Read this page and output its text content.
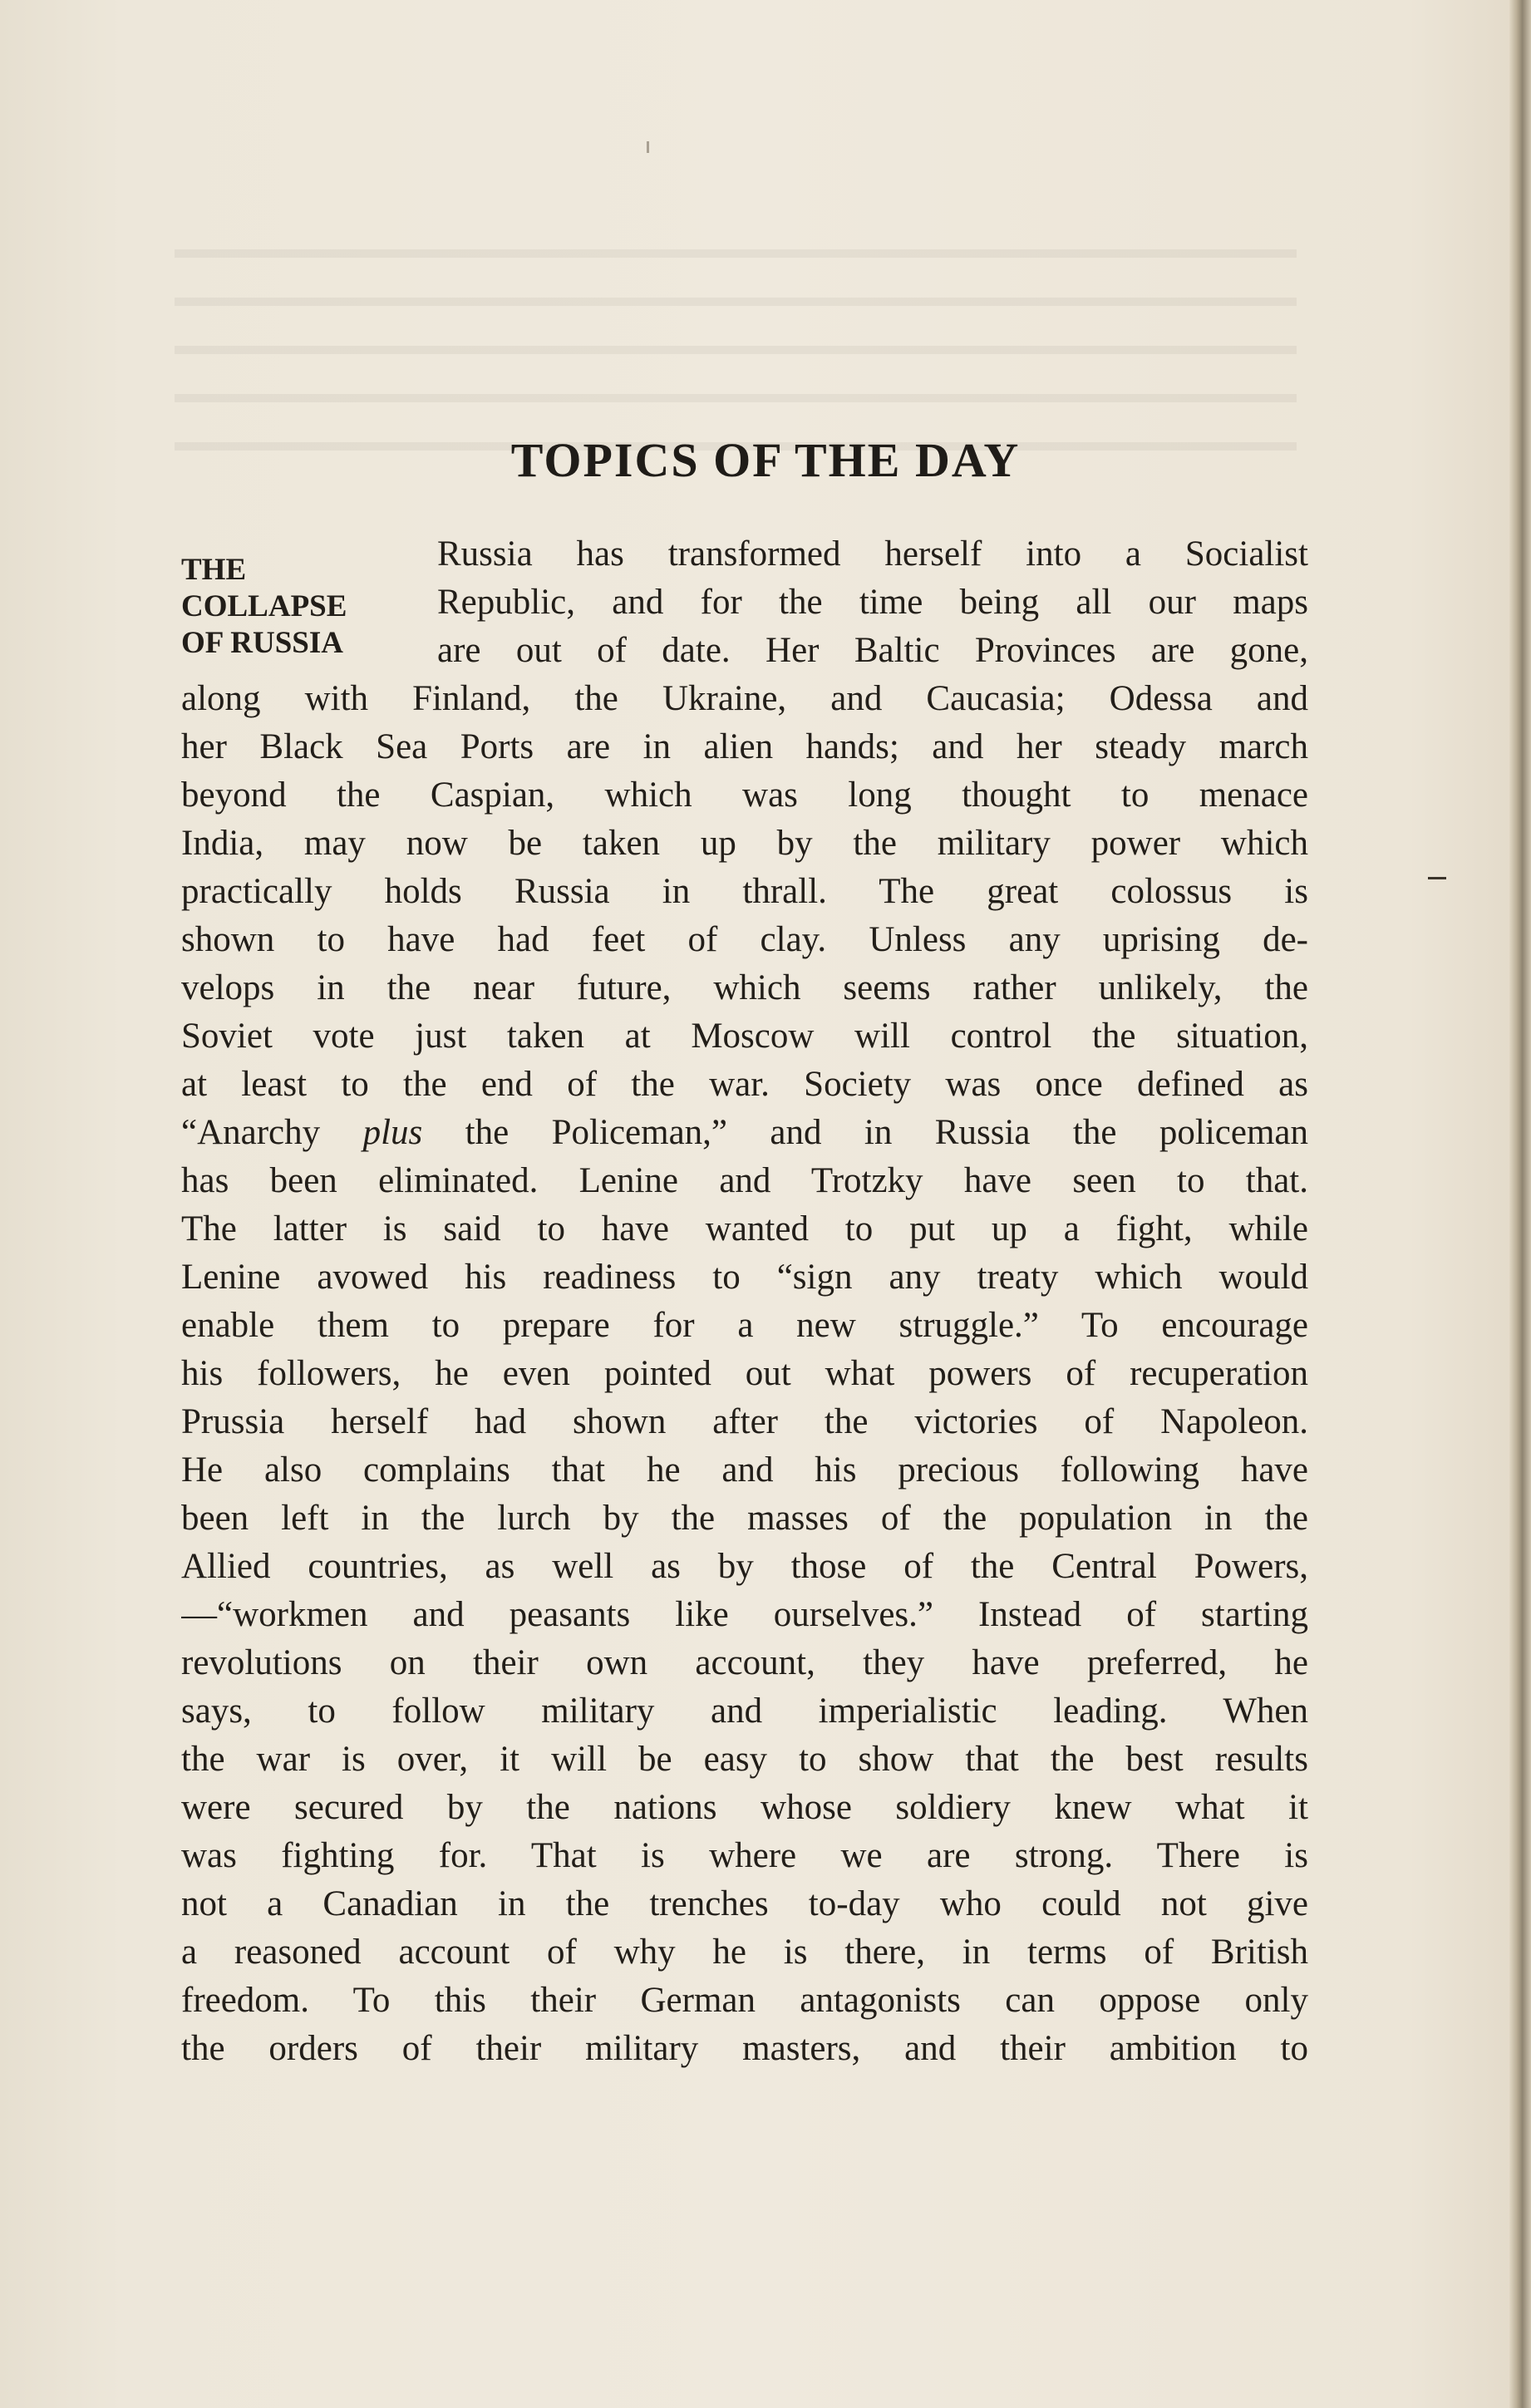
TOPICS OF THE DAY
THE
COLLAPSE
OF RUSSIA
Russia has transformed herself into a Socialist
Republic, and for the time being all our maps
are out of date. Her Baltic Provinces are gone,
along with Finland, the Ukraine, and Caucasia; Odessa and
her Black Sea Ports are in alien hands; and her steady march
beyond the Caspian, which was long thought to menace
India, may now be taken up by the military power which
practically holds Russia in thrall. The great colossus is
shown to have had feet of clay. Unless any uprising de-
velops in the near future, which seems rather unlikely, the
Soviet vote just taken at Moscow will control the situation,
at least to the end of the war. Society was once defined as
“Anarchy plus the Policeman,” and in Russia the policeman
has been eliminated. Lenine and Trotzky have seen to that.
The latter is said to have wanted to put up a fight, while
Lenine avowed his readiness to “sign any treaty which would
enable them to prepare for a new struggle.” To encourage
his followers, he even pointed out what powers of recuperation
Prussia herself had shown after the victories of Napoleon.
He also complains that he and his precious following have
been left in the lurch by the masses of the population in the
Allied countries, as well as by those of the Central Powers,
—“workmen and peasants like ourselves.” Instead of starting
revolutions on their own account, they have preferred, he
says, to follow military and imperialistic leading. When
the war is over, it will be easy to show that the best results
were secured by the nations whose soldiery knew what it
was fighting for. That is where we are strong. There is
not a Canadian in the trenches to-day who could not give
a reasoned account of why he is there, in terms of British
freedom. To this their German antagonists can oppose only
the orders of their military masters, and their ambition to
